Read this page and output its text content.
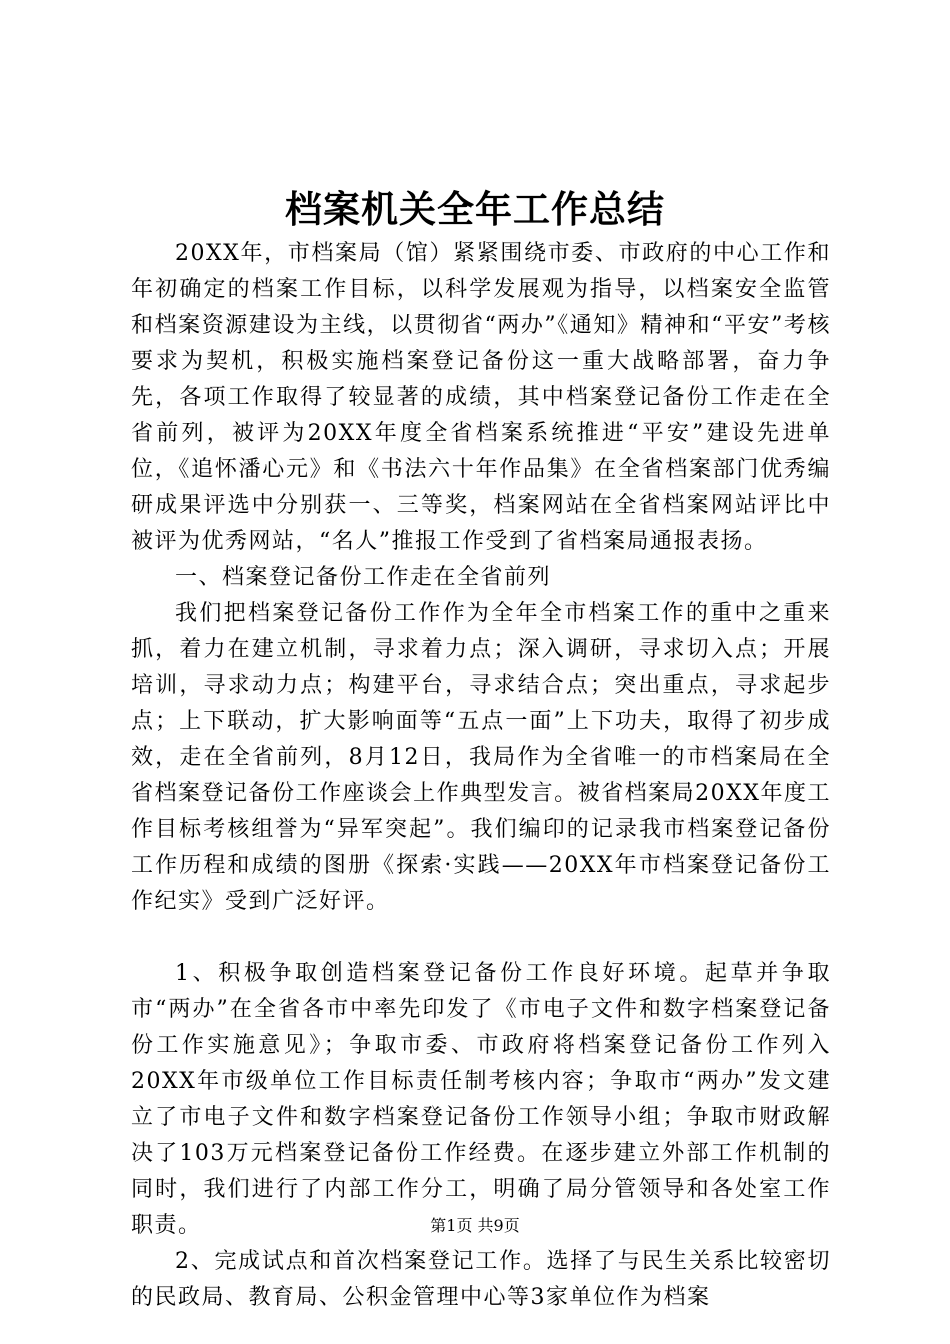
档案机关全年工作总结

20XX年，市档案局（馆）紧紧围绕市委、市政府的中心工作和年初确定的档案工作目标，以科学发展观为指导，以档案安全监管和档案资源建设为主线，以贯彻省“两办”《通知》精神和“平安”考核要求为契机，积极实施档案登记备份这一重大战略部署，奋力争先，各项工作取得了较显著的成绩，其中档案登记备份工作走在全省前列，被评为20XX年度全省档案系统推进“平安”建设先进单位，《追怀潘心元》和《书法六十年作品集》在全省档案部门优秀编研成果评选中分别获一、三等奖，档案网站在全省档案网站评比中被评为优秀网站，“名人”推报工作受到了省档案局通报表扬。

一、档案登记备份工作走在全省前列

我们把档案登记备份工作作为全年全市档案工作的重中之重来抓，着力在建立机制，寻求着力点；深入调研，寻求切入点；开展培训，寻求动力点；构建平台，寻求结合点；突出重点，寻求起步点；上下联动，扩大影响面等“五点一面”上下功夫，取得了初步成效，走在全省前列，8月12日，我局作为全省唯一的市档案局在全省档案登记备份工作座谈会上作典型发言。被省档案局20XX年度工作目标考核组誉为“异军突起”。我们编印的记录我市档案登记备份工作历程和成绩的图册《探索·实践——20XX年市档案登记备份工作纪实》受到广泛好评。

1、积极争取创造档案登记备份工作良好环境。起草并争取市“两办”在全省各市中率先印发了《市电子文件和数字档案登记备份工作实施意见》；争取市委、市政府将档案登记备份工作列入20XX年市级单位工作目标责任制考核内容；争取市“两办”发文建立了市电子文件和数字档案登记备份工作领导小组；争取市财政解决了103万元档案登记备份工作经费。在逐步建立外部工作机制的同时，我们进行了内部工作分工，明确了局分管领导和各处室工作职责。

2、完成试点和首次档案登记工作。选择了与民生关系比较密切的民政局、教育局、公积金管理中心等3家单位作为档案

第1页 共9页
